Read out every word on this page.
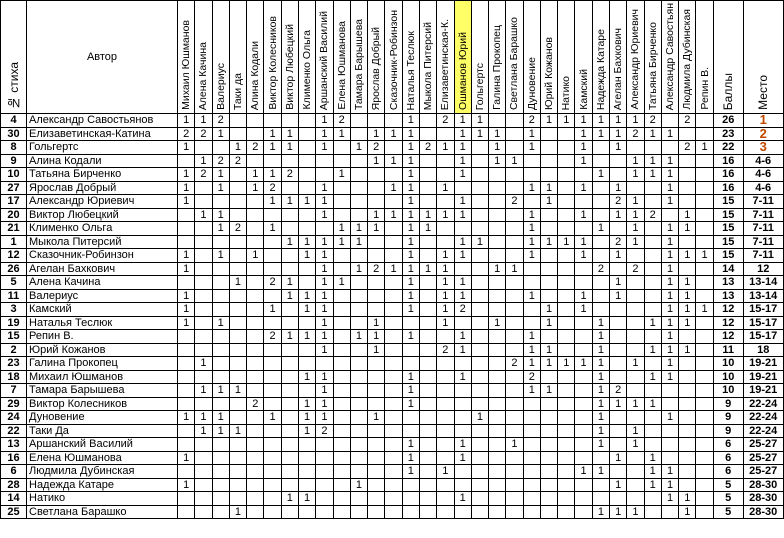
№ стиха	Автор	Михаил Юшманов	Алена Качина	Валериус	Таки да	Алина Кодали	Виктор Колесников	Виктор Любецкий	Клименко Ольга	Аршанский Василий	Елена Юшманова	Тамара Барышева	Ярослав Добрый	Сказочник-Робинзон	Наталья Теслюк	Мыкола Питерсий	Елизаветинская-К.	Ошманов Юрий	Гольгертс	Галина Прокопец	Светлана Барашко	Дуновение	Юрий Кожанов	Натико	Камский	Надежда Катаре	Агелан Бахкович	Александр Юриевич	Татьяна Бирченко	Александр Савостьян	Людмила Дубинская	Репин В.	Баллы	Место
4	Александр Савостьянов	1	1	2						1	2				1		2	1	1			2	1	1	1	1	1	1	2		2		26	1
30	Елизаветинская-Катина	2	2	1			1	1		1	1		1	1	1			1	1	1		1			1	1	1	2	1	1			23	2
8	Гольгертс	1			1	2	1	1		1		1	2		1	2	1	1		1		1			1		1				2	1	22	3
9	Алина Кодали		1	2	2								1	1	1			1		1	1				1			1	1	1			16	4-6
10	Татьяна Бирченко	1	2	1		1	1	2			1				1			1								1		1	1	1			16	4-6
27	Ярослав Добрый	1		1		1	2			1				1	1		1					1	1		1		1			1			16	4-6
17	Александр Юриевич	1					1	1	1	1					1			1			2		1				2	1		1			15	7-11
20	Виктор Любецкий		1	1						1			1	1	1	1	1	1				1			1		1	1	2		1		15	7-11
21	Клименко Ольга			1	2		1				1	1	1		1	1						1				1		1		1	1		15	7-11
1	Мыкола Питерсий							1	1	1	1	1			1			1	1			1	1	1	1		2	1		1			15	7-11
12	Сказочник-Робинзон	1		1		1			1	1					1		1	1				1			1		1			1	1	1	15	7-11
26	Агелан Бахкович	1								1		1	2	1	1	1	1			1	1					2		2		1			14	12
5	Алена Качина				1		2	1		1	1				1		1	1									1			1	1		13	13-14
11	Валериус	1						1	1	1					1		1	1				1			1		1			1	1		13	13-14
3	Камский	1					1		1	1					1		1	2					1		1					1	1	1	12	15-17
19	Наталья Теслюк	1		1						1			1				1			1			1			1			1	1	1		12	15-17
15	Репин В.						2	1	1	1		1	1		1			1				1				1				1			12	15-17
2	Юрий Кожанов									1			1				2	1				1	1			1			1	1	1		11	18
23	Галина Прокопец		1																		2	1	1	1	1	1		1		1			10	19-21
18	Михаил Юшманов								1	1					1			1				2				1			1	1			10	19-21
7	Тамара Барышева		1	1	1					1					1							1	1			1	2						10	19-21
29	Виктор Колесников					2			1	1					1											1	1	1	1				9	22-24
24	Дуновение	1	1	1			1		1	1			1						1							1				1			9	22-24
22	Таки Да		1	1	1				1	2																1		1					9	22-24
13	Аршанский Василий														1			1			1					1		1					6	25-27
16	Елена Юшманова	1													1			1									1		1				6	25-27
6	Людмила Дубинская														1		1								1	1			1	1			6	25-27
28	Надежда Катаре	1										1															1		1	1			5	28-30
14	Натико							1	1									1												1	1		5	28-30
25	Светлана Барашко				1																					1	1	1			1		5	28-30
